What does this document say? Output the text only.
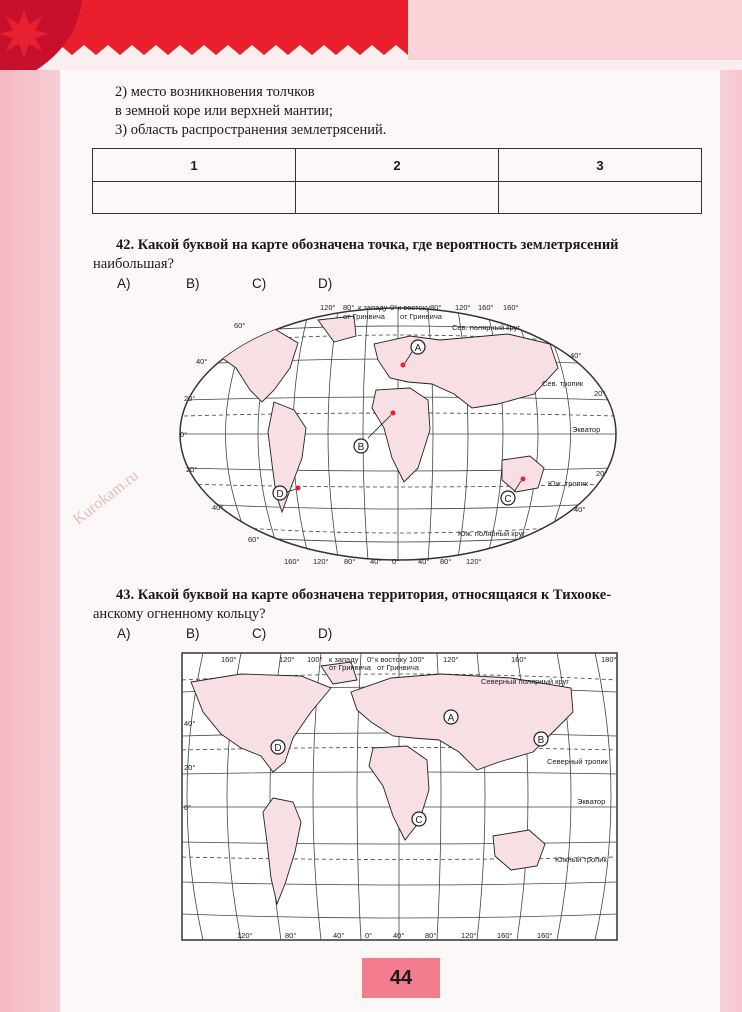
2) место возникновения толчков
в земной коре или верхней мантии;
3) область распространения землетрясений.
1	2	3

42. Какой буквой на карте обозначена точка, где вероятность землетрясений
наибольшая?
A)	B)	C)	D)
120° 80° к западу 0° к востоку 80° 120° 160° 160°
от Гринвича от Гринвича
160° 120° 80° 40° 0°	40° 80° 120°
60°
40°
20°
0°
20°
40°
60°
40°
20°
20°
40°
Сев. полярный круг
Сев. тропик
Экватор
Юж. тропик
Юж. полярный круг
A
B
C
D
Kurokam.ru
43. Какой буквой на карте обозначена территория, относящаяся к Тихооке-
анскому огненному кольцу?
A)	B)	C)	D)
160°	120° 100° к западу 0° к востоку 100° 120°	160°	180°
от Гринвича от Гринвича
120°	80°	40°	0°	40°	80°	120°	160°	160°
40°
20°
0°
Северный полярный круг
Северный тропик
Экватор
Южный тропик
A
B
C
D
44
